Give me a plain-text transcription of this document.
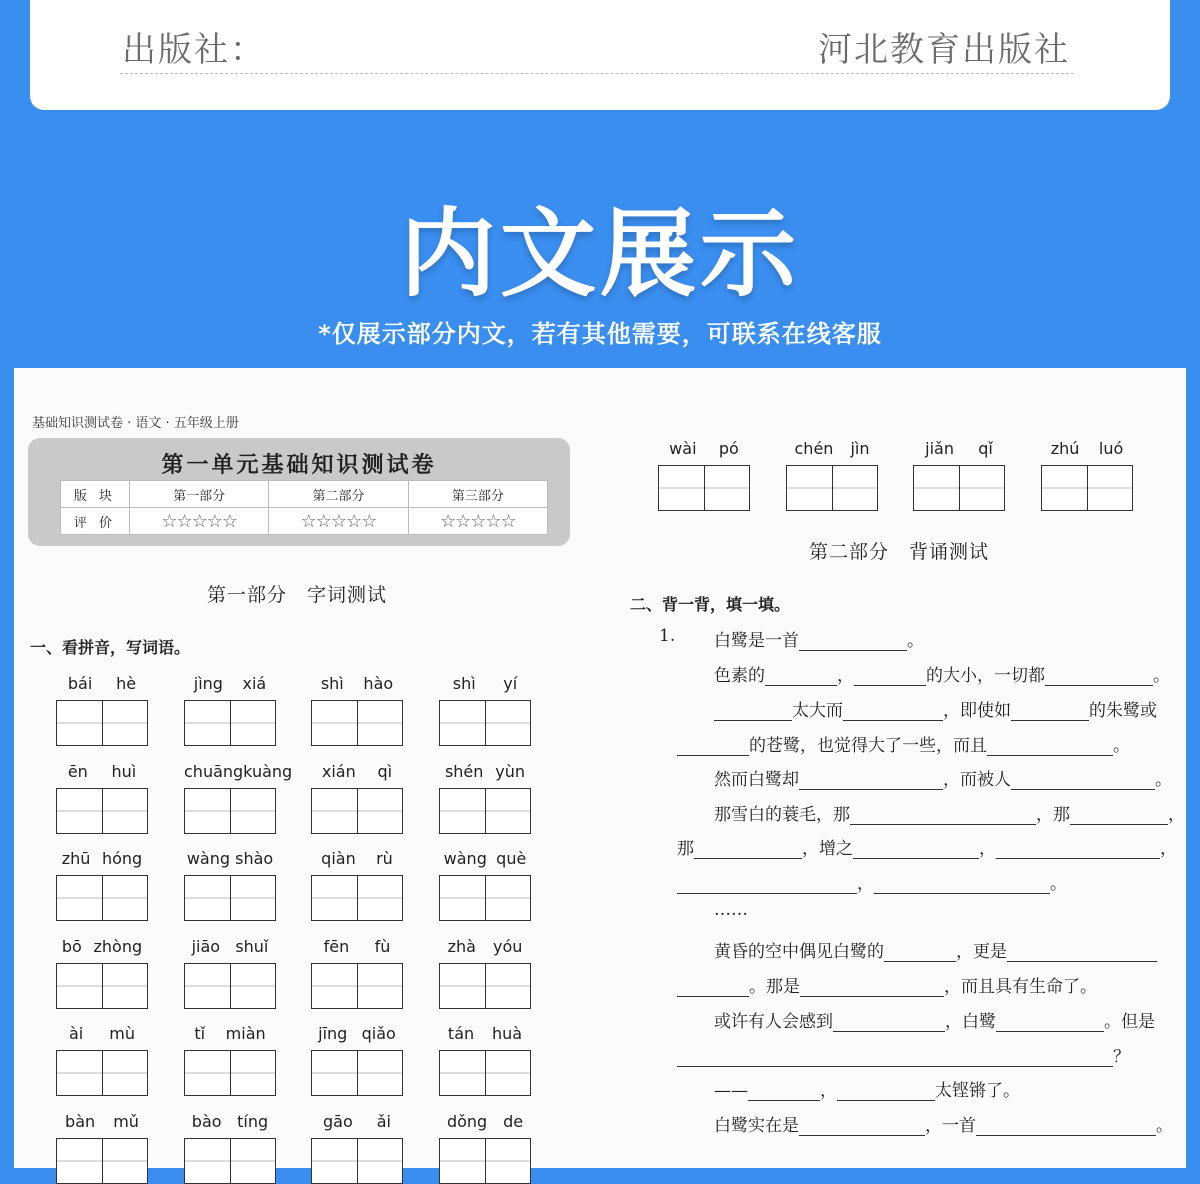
出版社：	河北教育出版社
内文展示
*仅展示部分内文，若有其他需要，可联系在线客服
基础知识测试卷 · 语文 · 五年级上册
第一单元基础知识测试卷
版 块	第一部分	第二部分	第三部分
评 价	☆☆☆☆☆	☆☆☆☆☆	☆☆☆☆☆
第一部分　字词测试
一、看拼音，写词语。
bái hè	jìng xiá	shì hào	shì yí
ēn huì	chuāngkuàng xián qì	shén yùn
zhū hóng	wàng shào	qiàn rù	wàng què
bō zhòng	jiāo shuǐ	fēn fù	zhà yóu
ài mù	tǐ miàn	jīng qiǎo	tán huà
bàn mǔ	bào tíng	gāo ǎi	dǒng de
wài pó	chén jìn	jiǎn qǐ	zhú luó
第二部分　背诵测试
二、背一背，填一填。
1. 白鹭是一首	。
色素的	，	的大小，一切都	。
太大而	，即使如	的朱鹭或
的苍鹭，也觉得大了一些，而且	。
然而白鹭却	，而被人	。
那雪白的蓑毛，那	，那	，
那	，增之	，	，
，	。
……
黄昏的空中偶见白鹭的	，更是
。那是	，而且具有生命了。
或许有人会感到	，白鹭	。但是
？
——	，	太铿锵了。
白鹭实在是	，一首	。
